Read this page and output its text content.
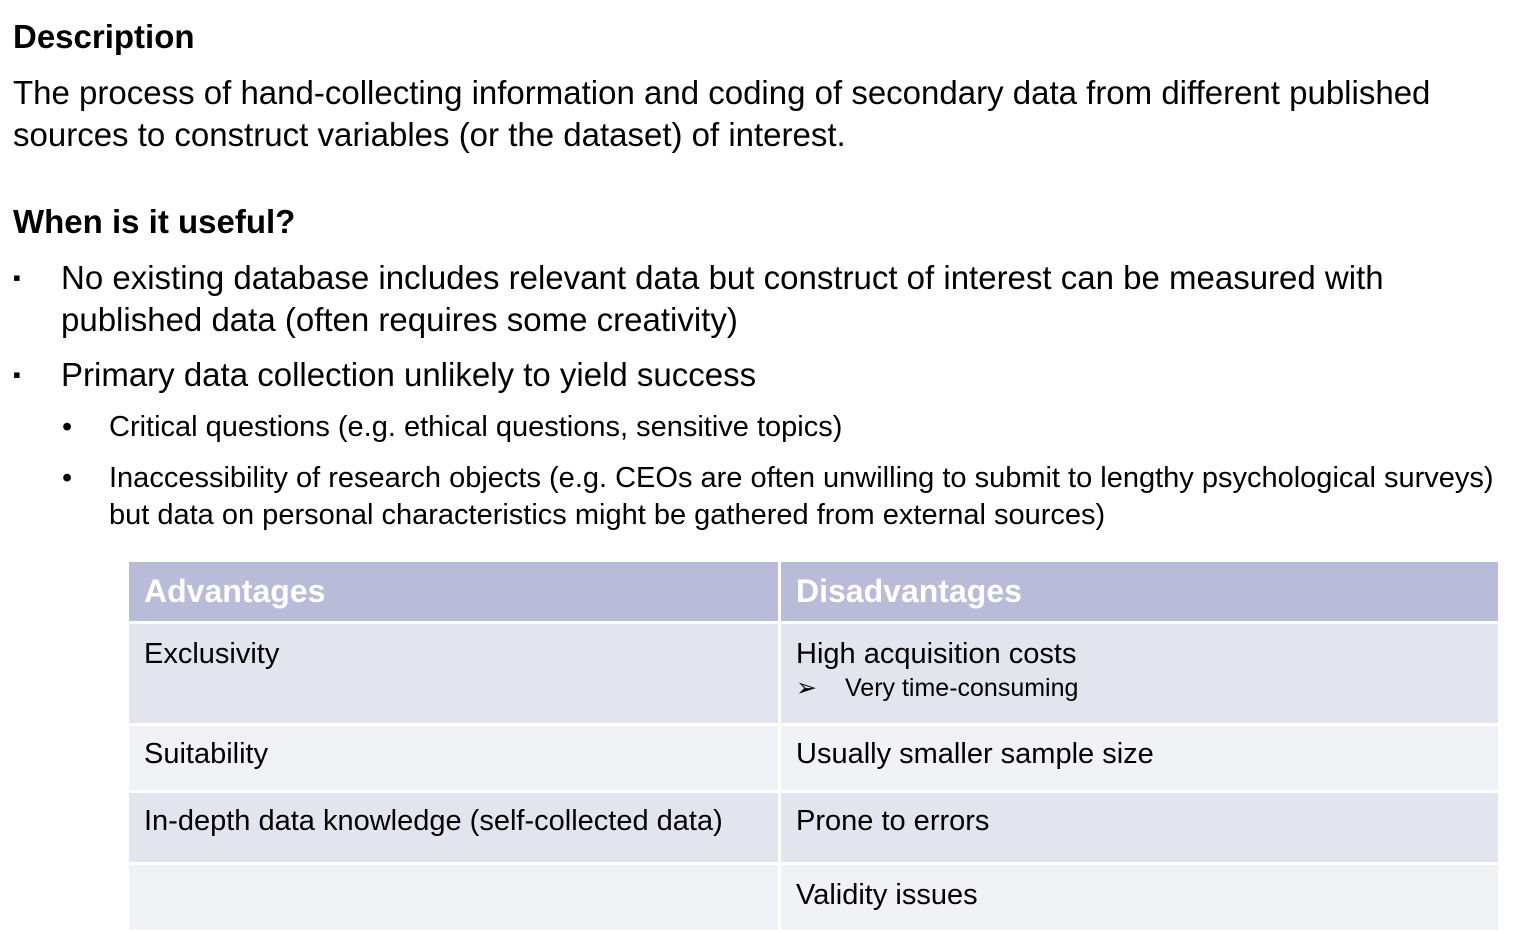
Description

The process of hand-collecting information and coding of secondary data from different published sources to construct variables (or the dataset) of interest.

When is it useful?
▪ No existing database includes relevant data but construct of interest can be measured with published data (often requires some creativity)
▪ Primary data collection unlikely to yield success
• Critical questions (e.g. ethical questions, sensitive topics)
• Inaccessibility of research objects (e.g. CEOs are often unwilling to submit to lengthy psychological surveys) but data on personal characteristics might be gathered from external sources)
Advantages	Disadvantages
Exclusivity	High acquisition costs
➢ Very time-consuming

Suitability	Usually smaller sample size
In-depth data knowledge (self-collected data)	Prone to errors
	Validity issues
